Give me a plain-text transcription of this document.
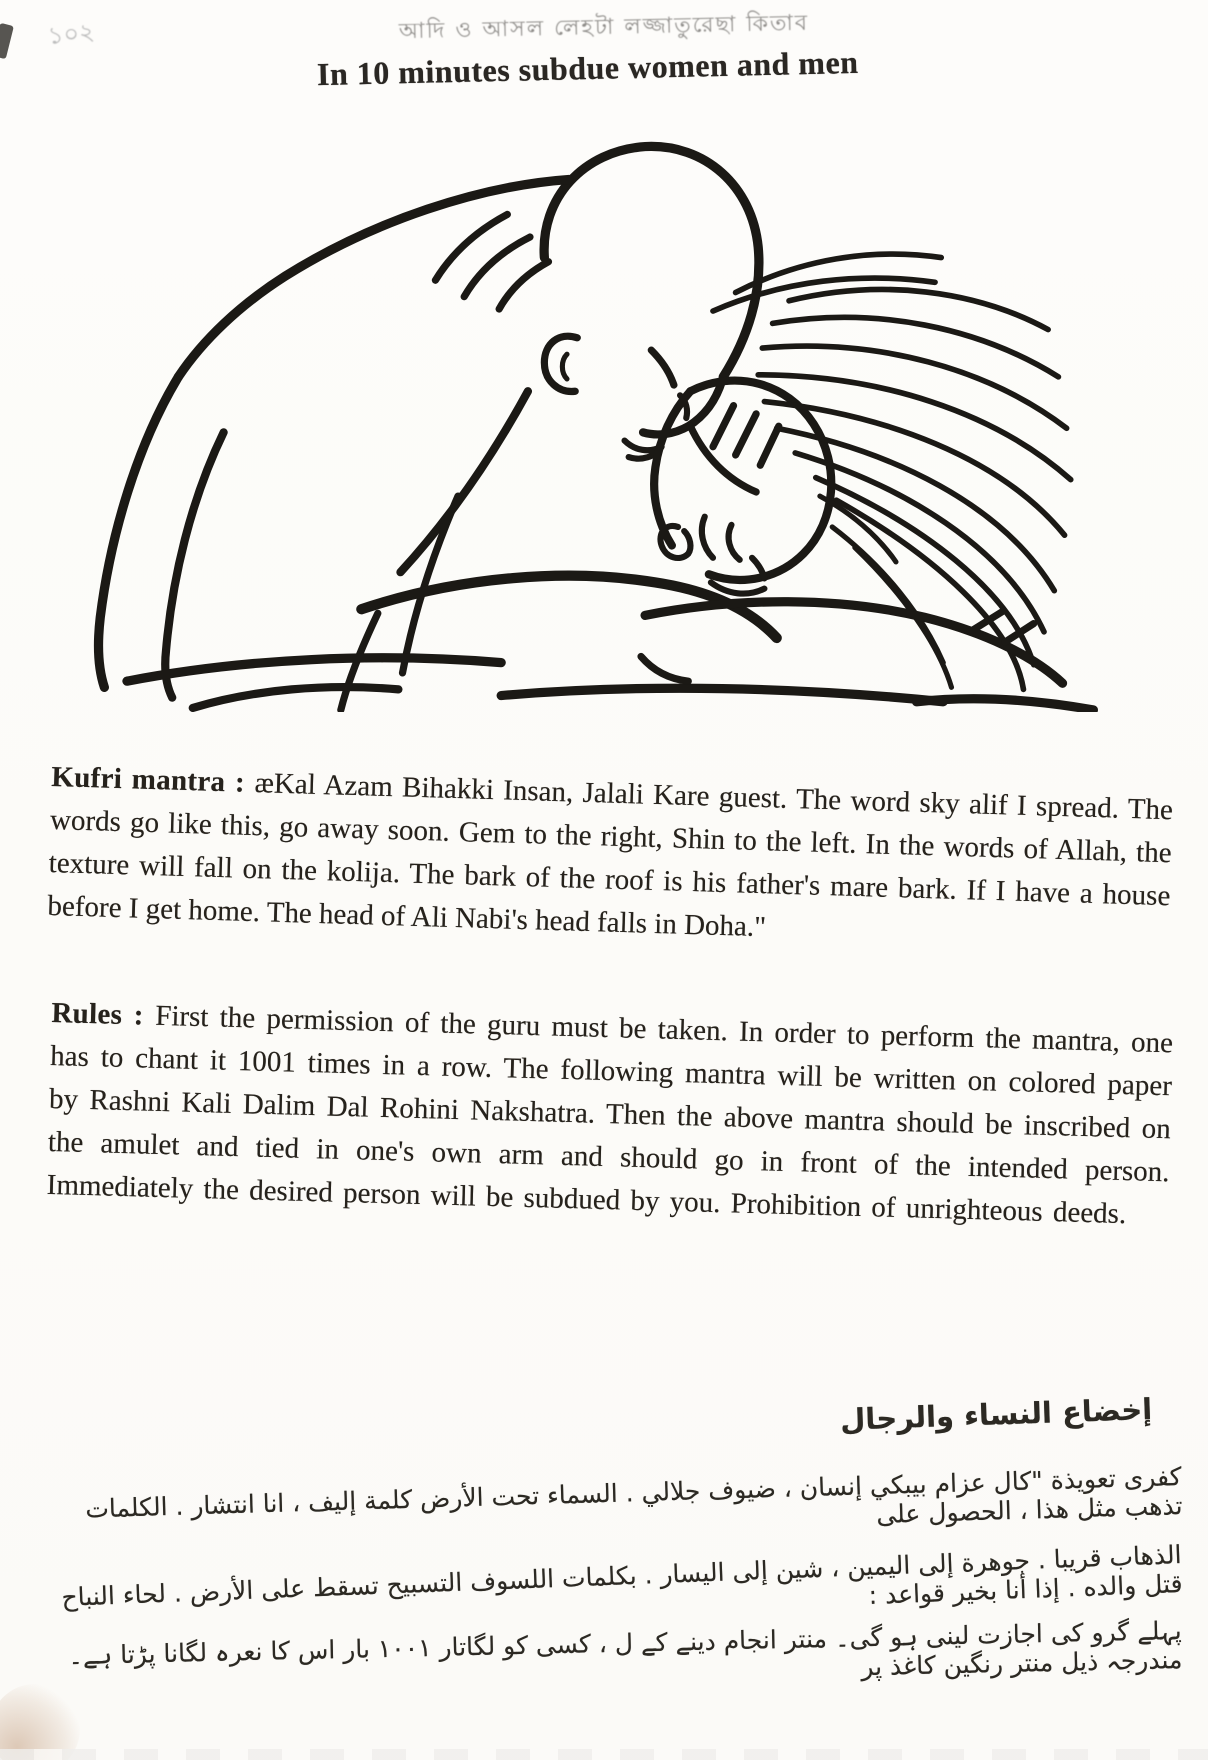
১০২	আদি ও আসল লেহটা লজ্জাতুরেছা কিতাব
In 10 minutes subdue women and men
Kufri mantra : æKal Azam Bihakki Insan, Jalali Kare guest. The word sky alif I spread. The words go like this, go away soon. Gem to the right, Shin to the left. In the words of Allah, the texture will fall on the kolija. The bark of the roof is his father's mare bark. If I have a house before I get home. The head of Ali Nabi's head falls in Doha."
Rules : First the permission of the guru must be taken. In order to perform the mantra, one has to chant it 1001 times in a row. The following mantra will be written on colored paper by Rashni Kali Dalim Dal Rohini Nakshatra. Then the above mantra should be inscribed on the amulet and tied in one's own arm and should go in front of the intended person. Immediately the desired person will be subdued by you. Prohibition of unrighteous deeds.
إخضاع النساء والرجال
كفرى تعويذة "كال عزام بيبكي إنسان ، ضيوف جلالي . السماء تحت الأرض كلمة إليف ، انا انتشار . الكلمات تذهب مثل هذا ، الحصول على
الذهاب قريبا . جوهرة إلى اليمين ، شين إلى اليسار . بكلمات اللسوف التسبيح تسقط على الأرض . لحاء النباح قتل والده . إذا أنا بخير قواعد :
پہلے گرو کی اجازت لینی ہو گی۔ منتر انجام دینے کے ل ، کسی کو لگاتار ۱۰۰۱ بار اس کا نعرہ لگانا پڑتا ہے۔ مندرجہ ذیل منتر رنگین کاغذ پر
